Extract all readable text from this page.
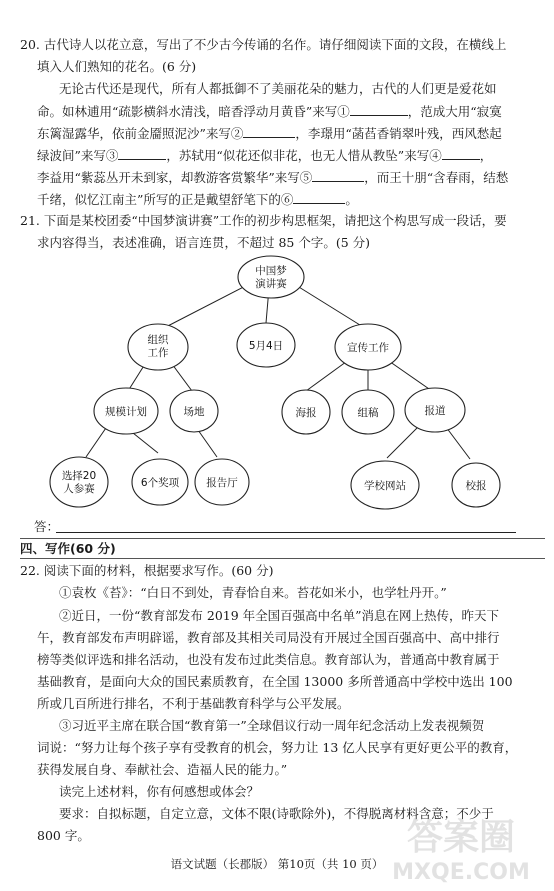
20. 古代诗人以花立意，写出了不少古今传诵的名作。请仔细阅读下面的文段，在横线上
填入人们熟知的花名。(6 分)
无论古代还是现代，所有人都抵御不了美丽花朵的魅力，古代的人们更是爱花如
命。如林逋用“疏影横斜水清浅，暗香浮动月黄昏”来写①	，范成大用“寂寞
东篱湿露华，依前金靥照泥沙”来写②	，李璟用“菡萏香销翠叶残，西风愁起
绿波间”来写③	，苏轼用“似花还似非花，也无人惜从教坠”来写④	，
李益用“紫蕊丛开未到家，却教游客赏繁华”来写⑤	，而王十朋“含春雨，结愁
千绪，似忆江南主”所写的正是戴望舒笔下的⑥	。
21. 下面是某校团委“中国梦演讲赛”工作的初步构思框架，请把这个构思写成一段话，要
求内容得当，表述准确，语言连贯，不超过 85 个字。(5 分)
中国梦
演讲赛
组织
工作
5月4日	宣传工作
规模计划	场地	海报	组稿	报道
选择20
人参赛	6个奖项	报告厅	学校网站	校报
答：
四、写作(60 分)
22. 阅读下面的材料，根据要求写作。(60 分)
①袁枚《苔》：“白日不到处，青春恰自来。苔花如米小，也学牡丹开。”
②近日，一份“教育部发布 2019 年全国百强高中名单”消息在网上热传，昨天下
午，教育部发布声明辟谣，教育部及其相关司局没有开展过全国百强高中、高中排行
榜等类似评选和排名活动，也没有发布过此类信息。教育部认为，普通高中教育属于
基础教育，是面向大众的国民素质教育，在全国 13000 多所普通高中学校中选出 100
所或几百所进行排名，不利于基础教育科学与公平发展。
③习近平主席在联合国“教育第一”全球倡议行动一周年纪念活动上发表视频贺
词说：“努力让每个孩子享有受教育的机会，努力让 13 亿人民享有更好更公平的教育，
获得发展自身、奉献社会、造福人民的能力。”
读完上述材料，你有何感想或体会？
要求：自拟标题，自定立意，文体不限(诗歌除外)，不得脱离材料含意；不少于
800 字。
语文试题（长郡版） 第10页（共 10 页）
答案圈
MXQE.COM
